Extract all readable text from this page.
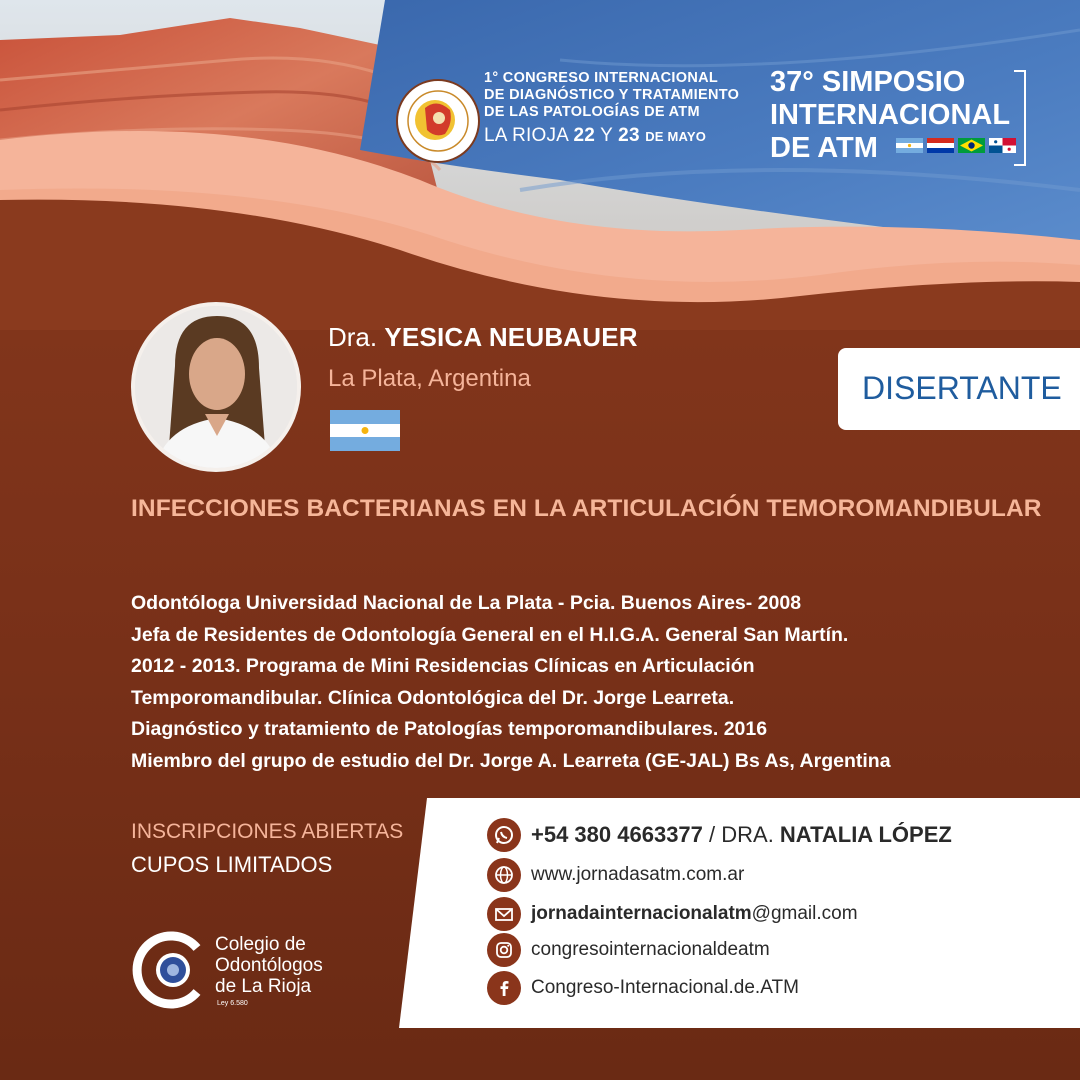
1° CONGRESO INTERNACIONAL
DE DIAGNÓSTICO Y TRATAMIENTO
DE LAS PATOLOGÍAS DE ATM
LA RIOJA 22 Y 23 DE MAYO
37° SIMPOSIO
INTERNACIONAL
DE ATM
Dra. YESICA NEUBAUER
La Plata, Argentina	DISERTANTE
INFECCIONES BACTERIANAS EN LA ARTICULACIÓN TEMOROMANDIBULAR
Odontóloga Universidad Nacional de La Plata - Pcia. Buenos Aires- 2008
Jefa de Residentes de Odontología General en el H.I.G.A. General San Martín.
2012 - 2013. Programa de Mini Residencias Clínicas en Articulación
Temporomandibular. Clínica Odontológica del Dr. Jorge Learreta.
Diagnóstico y tratamiento de Patologías temporomandibulares. 2016
Miembro del grupo de estudio del Dr. Jorge A. Learreta (GE-JAL) Bs As, Argentina
INSCRIPCIONES ABIERTAS
CUPOS LIMITADOS
+54 380 4663377 / DRA. NATALIA LÓPEZ
www.jornadasatm.com.ar
jornadainternacionalatm@gmail.com
congresointernacionaldeatm
Congreso-Internacional.de.ATM
Colegio de
Odontólogos
de La Rioja
Ley 6.580
